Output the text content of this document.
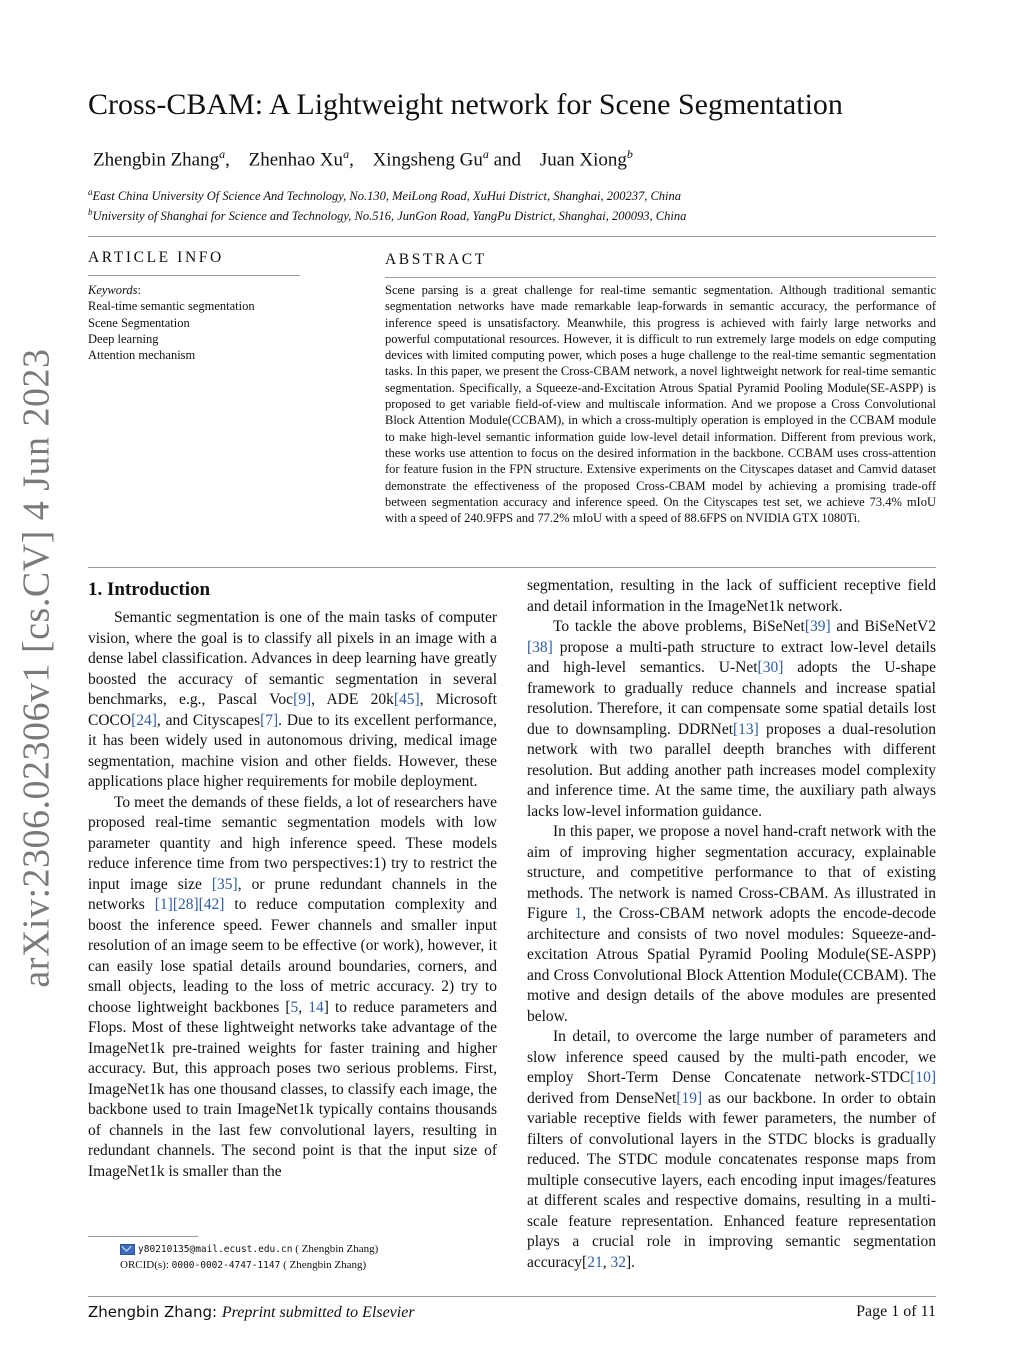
arXiv:2306.02306v1 [cs.CV] 4 Jun 2023
Cross-CBAM: A Lightweight network for Scene Segmentation
Zhengbin Zhang$^a$, Zhenhao Xu$^a$, Xingsheng Gu$^a$ and Juan Xiong$^b$
$^a$East China University Of Science And Technology, No.130, MeiLong Road, XuHui District, Shanghai, 200237, China
$^b$University of Shanghai for Science and Technology, No.516, JunGon Road, YangPu District, Shanghai, 200093, China
ARTICLE INFO
Keywords:
Real-time semantic segmentation
Scene Segmentation
Deep learning
Attention mechanism
ABSTRACT
Scene parsing is a great challenge for real-time semantic segmentation. Although traditional semantic segmentation networks have made remarkable leap-forwards in semantic accuracy, the performance of inference speed is unsatisfactory. Meanwhile, this progress is achieved with fairly large networks and powerful computational resources. However, it is difficult to run extremely large models on edge computing devices with limited computing power, which poses a huge challenge to the real-time semantic segmentation tasks. In this paper, we present the Cross-CBAM network, a novel lightweight network for real-time semantic segmentation. Specifically, a Squeeze-and-Excitation Atrous Spatial Pyramid Pooling Module(SE-ASPP) is proposed to get variable field-of-view and multiscale information. And we propose a Cross Convolutional Block Attention Module(CCBAM), in which a cross-multiply operation is employed in the CCBAM module to make high-level semantic information guide low-level detail information. Different from previous work, these works use attention to focus on the desired information in the backbone. CCBAM uses cross-attention for feature fusion in the FPN structure. Extensive experiments on the Cityscapes dataset and Camvid dataset demonstrate the effectiveness of the proposed Cross-CBAM model by achieving a promising trade-off between segmentation accuracy and inference speed. On the Cityscapes test set, we achieve 73.4% mIoU with a speed of 240.9FPS and 77.2% mIoU with a speed of 88.6FPS on NVIDIA GTX 1080Ti.
1. Introduction

Semantic segmentation is one of the main tasks of computer vision, where the goal is to classify all pixels in an image with a dense label classification. Advances in deep learning have greatly boosted the accuracy of semantic segmentation in several benchmarks, e.g., Pascal Voc[9], ADE 20k[45], Microsoft COCO[24], and Cityscapes[7]. Due to its excellent performance, it has been widely used in autonomous driving, medical image segmentation, machine vision and other fields. However, these applications place higher requirements for mobile deployment.

To meet the demands of these fields, a lot of researchers have proposed real-time semantic segmentation models with low parameter quantity and high inference speed. These models reduce inference time from two perspectives:1) try to restrict the input image size [35], or prune redundant channels in the networks [1][28][42] to reduce computation complexity and boost the inference speed. Fewer channels and smaller input resolution of an image seem to be effective (or work), however, it can easily lose spatial details around boundaries, corners, and small objects, leading to the loss of metric accuracy. 2) try to choose lightweight backbones [5, 14] to reduce parameters and Flops. Most of these lightweight networks take advantage of the ImageNet1k pre-trained weights for faster training and higher accuracy. But, this approach poses two serious problems. First, ImageNet1k has one thousand classes, to classify each image, the backbone used to train ImageNet1k typically contains thousands of channels in the last few convolutional layers, resulting in redundant channels. The second point is that the input size of ImageNet1k is smaller than the

segmentation, resulting in the lack of sufficient receptive field and detail information in the ImageNet1k network.

To tackle the above problems, BiSeNet[39] and BiSeNetV2 [38] propose a multi-path structure to extract low-level details and high-level semantics. U-Net[30] adopts the U-shape framework to gradually reduce channels and increase spatial resolution. Therefore, it can compensate some spatial details lost due to downsampling. DDRNet[13] proposes a dual-resolution network with two parallel deepth branches with different resolution. But adding another path increases model complexity and inference time. At the same time, the auxiliary path always lacks low-level information guidance.

In this paper, we propose a novel hand-craft network with the aim of improving higher segmentation accuracy, explainable structure, and competitive performance to that of existing methods. The network is named Cross-CBAM. As illustrated in Figure 1, the Cross-CBAM network adopts the encode-decode architecture and consists of two novel modules: Squeeze-and-excitation Atrous Spatial Pyramid Pooling Module(SE-ASPP) and Cross Convolutional Block Attention Module(CCBAM). The motive and design details of the above modules are presented below.

In detail, to overcome the large number of parameters and slow inference speed caused by the multi-path encoder, we employ Short-Term Dense Concatenate network-STDC[10] derived from DenseNet[19] as our backbone. In order to obtain variable receptive fields with fewer parameters, the number of filters of convolutional layers in the STDC blocks is gradually reduced. The STDC module concatenates response maps from multiple consecutive layers, each encoding input images/features at different scales and respective domains, resulting in a multi-scale feature representation. Enhanced feature representation plays a crucial role in improving semantic segmentation accuracy[21, 32].

y80210135@mail.ecust.edu.cn ( Zhengbin Zhang)
ORCID(s): 0000-0002-4747-1147 ( Zhengbin Zhang)
Zhengbin Zhang: Preprint submitted to Elsevier	Page 1 of 11
